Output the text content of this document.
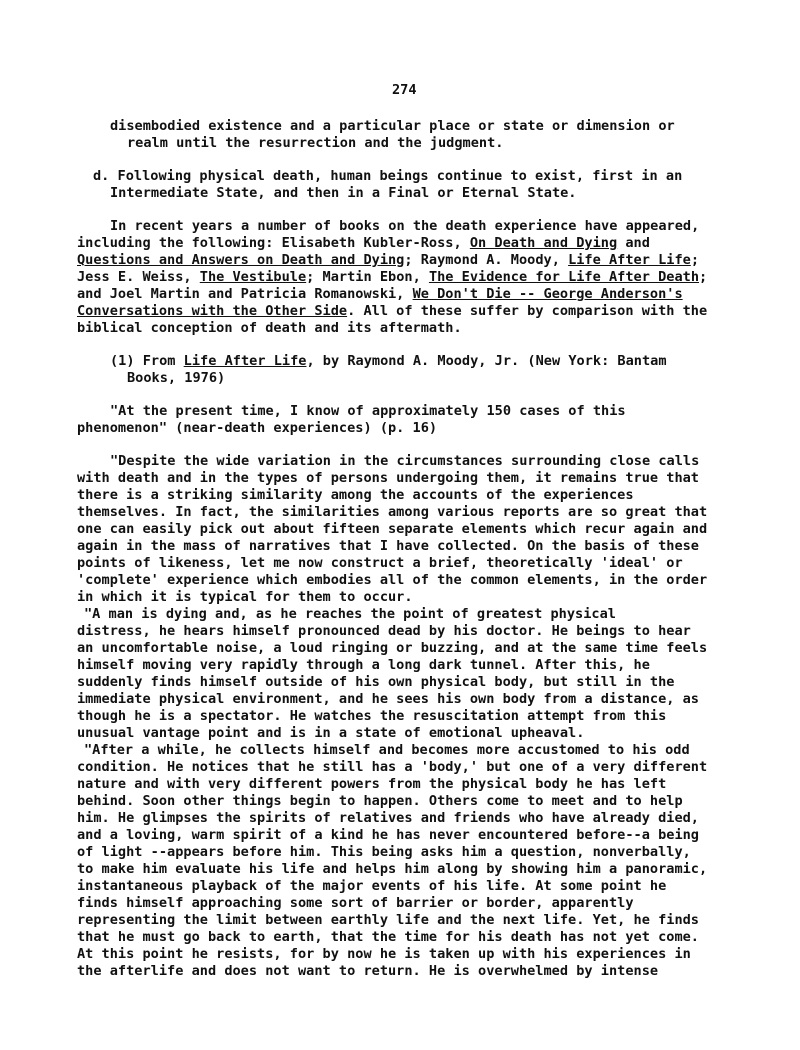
274
disembodied existence and a particular place or state or dimension or
realm until the resurrection and the judgment.
d. Following physical death, human beings continue to exist, first in an
Intermediate State, and then in a Final or Eternal State.
In recent years a number of books on the death experience have appeared,
including the following: Elisabeth Kubler-Ross, On Death and Dying and
Questions and Answers on Death and Dying; Raymond A. Moody, Life After Life;
Jess E. Weiss, The Vestibule; Martin Ebon, The Evidence for Life After Death;
and Joel Martin and Patricia Romanowski, We Don't Die -- George Anderson's
Conversations with the Other Side. All of these suffer by comparison with the
biblical conception of death and its aftermath.
(1) From Life After Life, by Raymond A. Moody, Jr. (New York: Bantam
Books, 1976)
"At the present time, I know of approximately 150 cases of this
phenomenon" (near-death experiences) (p. 16)
"Despite the wide variation in the circumstances surrounding close calls
with death and in the types of persons undergoing them, it remains true that
there is a striking similarity among the accounts of the experiences
themselves. In fact, the similarities among various reports are so great that
one can easily pick out about fifteen separate elements which recur again and
again in the mass of narratives that I have collected. On the basis of these
points of likeness, let me now construct a brief, theoretically 'ideal' or
'complete' experience which embodies all of the common elements, in the order
in which it is typical for them to occur.
"A man is dying and, as he reaches the point of greatest physical
distress, he hears himself pronounced dead by his doctor. He beings to hear
an uncomfortable noise, a loud ringing or buzzing, and at the same time feels
himself moving very rapidly through a long dark tunnel. After this, he
suddenly finds himself outside of his own physical body, but still in the
immediate physical environment, and he sees his own body from a distance, as
though he is a spectator. He watches the resuscitation attempt from this
unusual vantage point and is in a state of emotional upheaval.
"After a while, he collects himself and becomes more accustomed to his odd
condition. He notices that he still has a 'body,' but one of a very different
nature and with very different powers from the physical body he has left
behind. Soon other things begin to happen. Others come to meet and to help
him. He glimpses the spirits of relatives and friends who have already died,
and a loving, warm spirit of a kind he has never encountered before--a being
of light --appears before him. This being asks him a question, nonverbally,
to make him evaluate his life and helps him along by showing him a panoramic,
instantaneous playback of the major events of his life. At some point he
finds himself approaching some sort of barrier or border, apparently
representing the limit between earthly life and the next life. Yet, he finds
that he must go back to earth, that the time for his death has not yet come.
At this point he resists, for by now he is taken up with his experiences in
the afterlife and does not want to return. He is overwhelmed by intense
